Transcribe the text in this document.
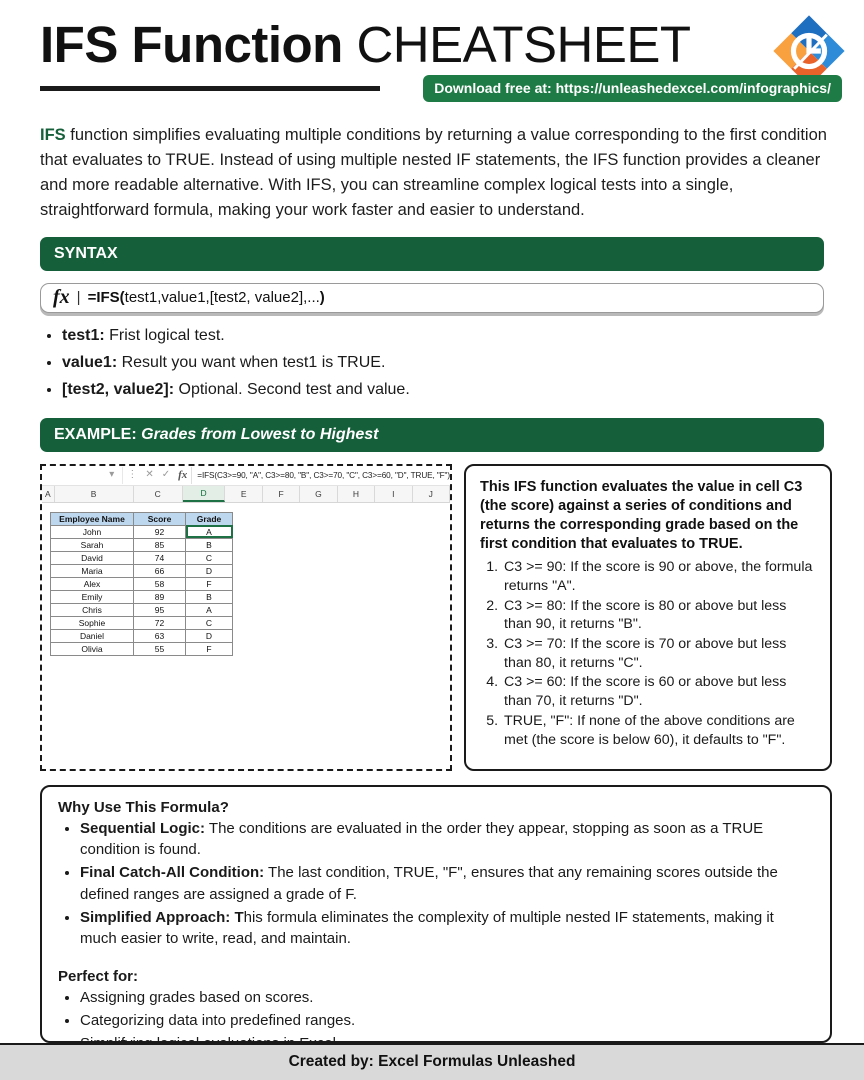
IFS Function CHEATSHEET
Download free at: https://unleashedexcel.com/infographics/
IFS function simplifies evaluating multiple conditions by returning a value corresponding to the first condition that evaluates to TRUE. Instead of using multiple nested IF statements, the IFS function provides a cleaner and more readable alternative. With IFS, you can streamline complex logical tests into a single, straightforward formula, making your work faster and easier to understand.
SYNTAX
fx | =IFS(test1,value1,[test2, value2],...)
• test1: Frist logical test.
• value1: Result you want when test1 is TRUE.
• [test2, value2]: Optional. Second test and value.
EXAMPLE: Grades from Lowest to Highest
▾	⋮ ✕ ✓ fx	=IFS(C3>=90, "A", C3>=80, "B", C3>=70, "C", C3>=60, "D", TRUE, "F")
A	B	C	D	E	F	G	H	I	J
Employee Name	Score	Grade
John	92	A
Sarah	85	B
David	74	C
Maria	66	D
Alex	58	F
Emily	89	B
Chris	95	A
Sophie	72	C
Daniel	63	D
Olivia	55	F

This IFS function evaluates the value in cell C3 (the score) against a series of conditions and returns the corresponding grade based on the first condition that evaluates to TRUE.

1. C3 >= 90: If the score is 90 or above, the formula returns "A".
2. C3 >= 80: If the score is 80 or above but less than 90, it returns "B".
3. C3 >= 70: If the score is 70 or above but less than 80, it returns "C".
4. C3 >= 60: If the score is 60 or above but less than 70, it returns "D".
5. TRUE, "F": If none of the above conditions are met (the score is below 60), it defaults to "F".
Why Use This Formula?
• Sequential Logic: The conditions are evaluated in the order they appear, stopping as soon as a TRUE condition is found.
• Final Catch-All Condition: The last condition, TRUE, "F", ensures that any remaining scores outside the defined ranges are assigned a grade of F.
• Simplified Approach: This formula eliminates the complexity of multiple nested IF statements, making it much easier to write, read, and maintain.
Perfect for:
• Assigning grades based on scores.
• Categorizing data into predefined ranges.
•
Created by: Excel Formulas Unleashed
